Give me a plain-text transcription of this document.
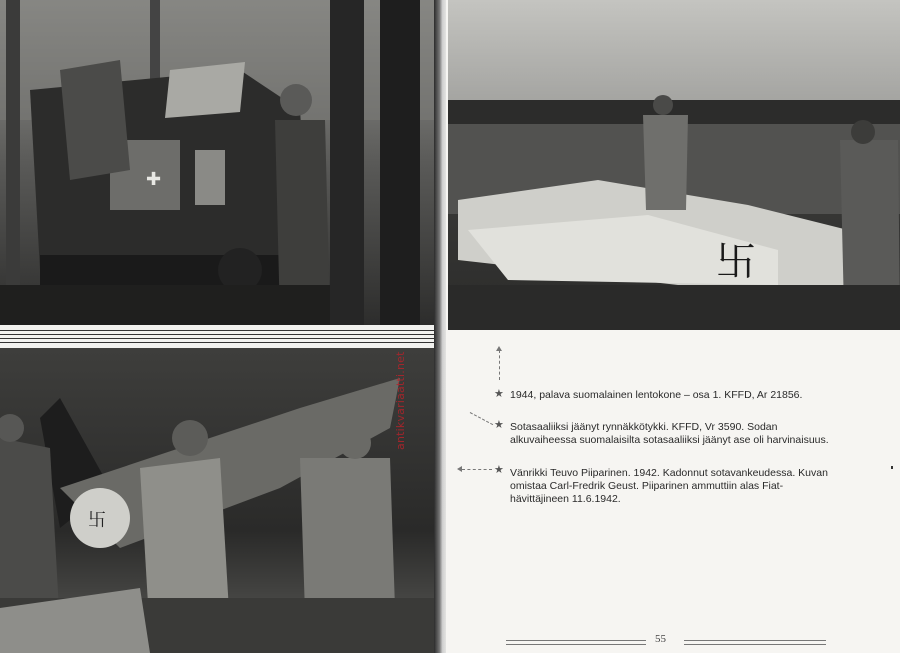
✚
卐
antikvariaatti.net
卐
★ 1944, palava suomalainen lentokone – osa 1. KFFD, Ar 21856.
★ Sotasaaliiksi jäänyt rynnäkkötykki. KFFD, Vr 3590. Sodan alkuvaiheessa suomalaisilta sotasaaliiksi jäänyt ase oli harvinaisuus.
★ Vänrikki Teuvo Piiparinen. 1942. Kadonnut sotavankeudessa. Kuvan omistaa Carl-Fredrik Geust. Piiparinen ammuttiin alas Fiat-hävittäjineen 11.6.1942.
55
